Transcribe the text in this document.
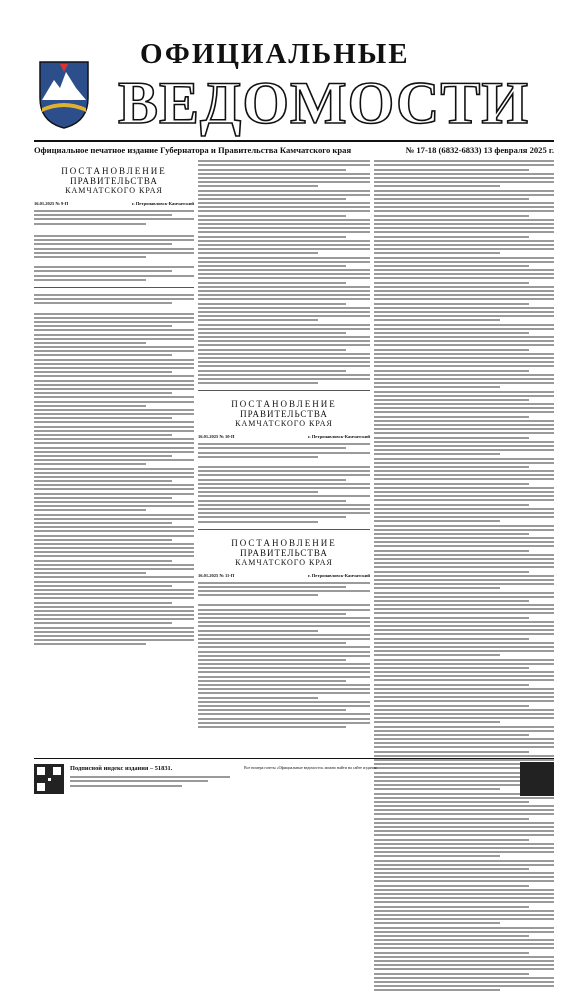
ОФИЦИАЛЬНЫЕ
ВЕДОМОСТИ
Официальное печатное издание Губернатора и Правительства Камчатского края	№ 17-18 (6832-6833) 13 февраля 2025 г.
ПОСТАНОВЛЕНИЕ
ПРАВИТЕЛЬСТВА
КАМЧАТСКОГО КРАЯ
16.01.2025 № 9-П	г. Петропавловск-Камчатский
ПОСТАНОВЛЕНИЕ
ПРАВИТЕЛЬСТВА
КАМЧАТСКОГО КРАЯ
16.01.2025 № 10-П	г. Петропавловск-Камчатский
ПОСТАНОВЛЕНИЕ
ПРАВИТЕЛЬСТВА
КАМЧАТСКОГО КРАЯ
16.01.2025 № 11-П	г. Петропавловск-Камчатский
Подписной индекс издания – 51831.	Все номера газеты «Официальные ведомости» можно найти на сайте издания
